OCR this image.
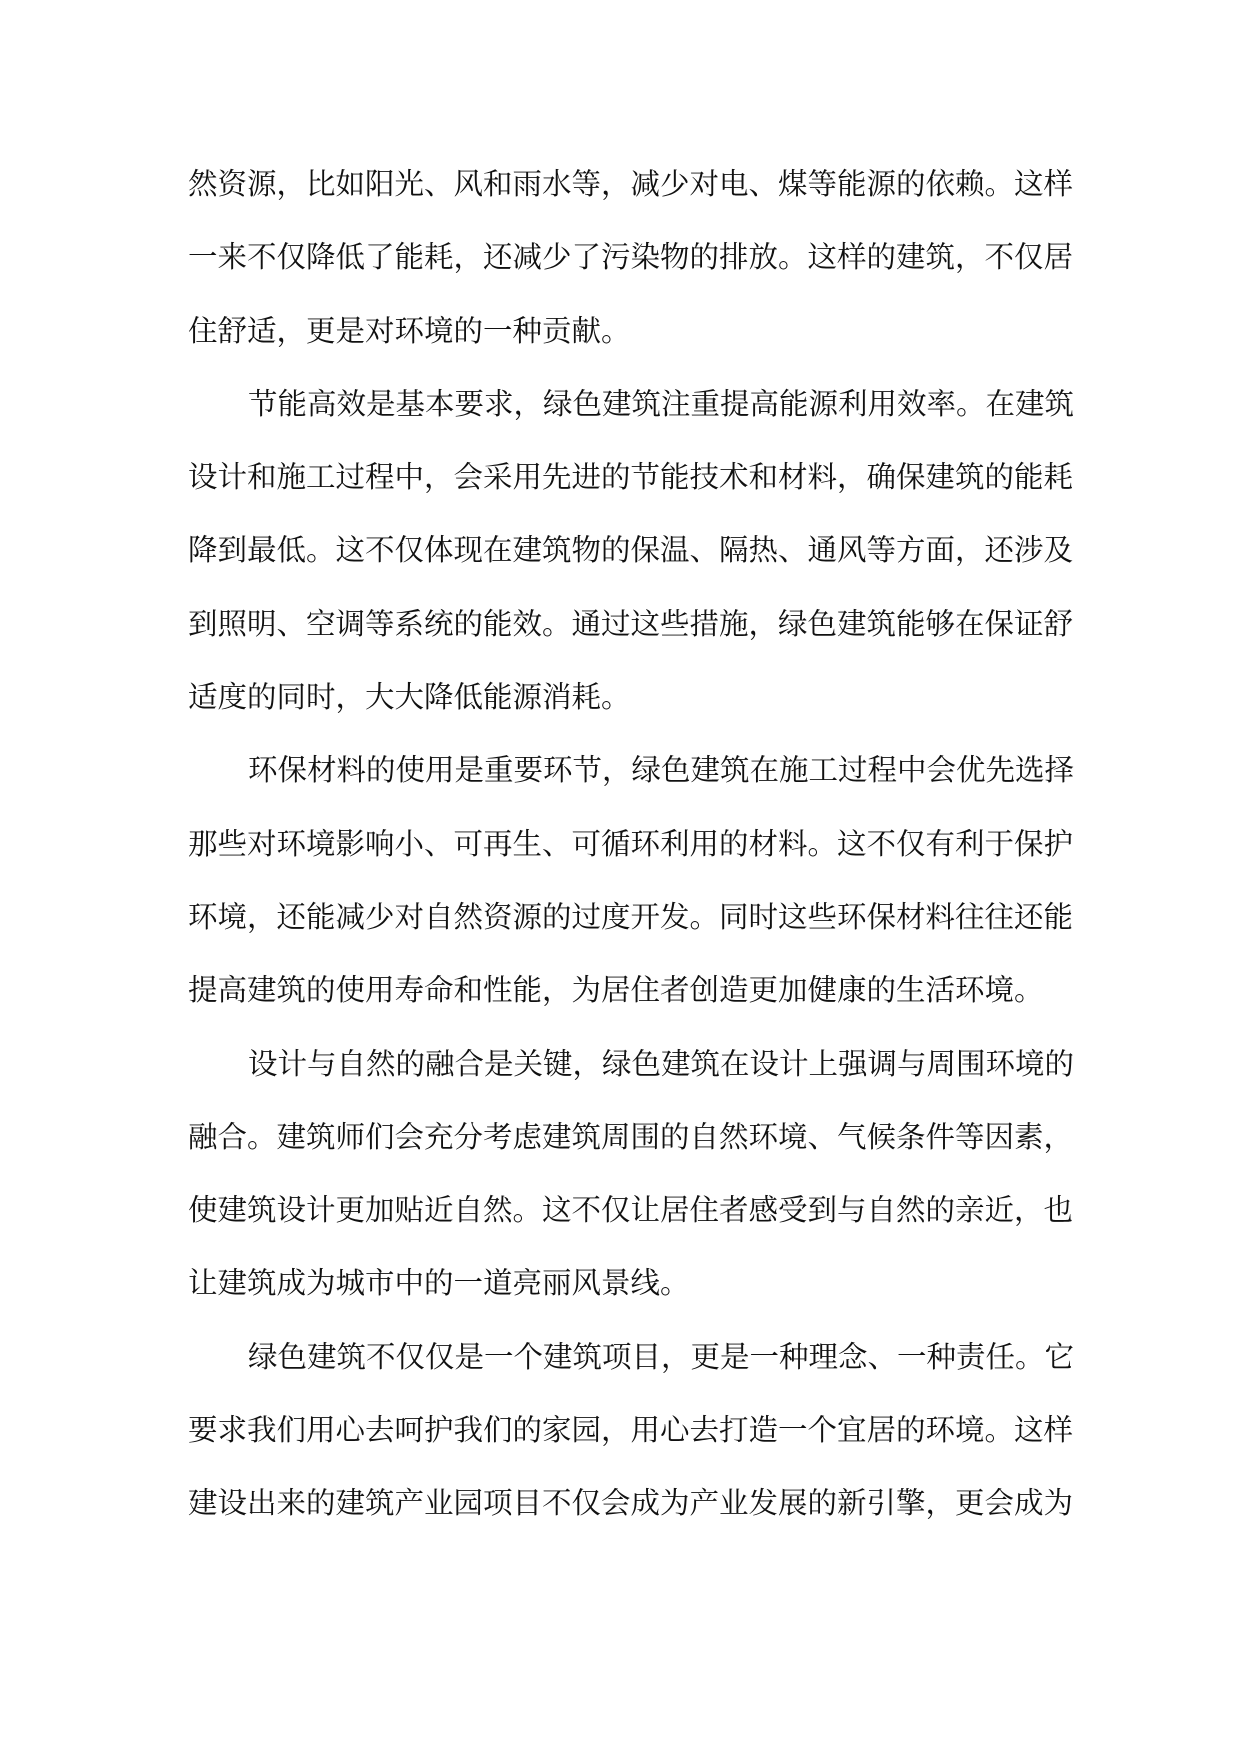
然资源，比如阳光、风和雨水等，减少对电、煤等能源的依赖。这样
一来不仅降低了能耗，还减少了污染物的排放。这样的建筑，不仅居
住舒适，更是对环境的一种贡献。
节能高效是基本要求，绿色建筑注重提高能源利用效率。在建筑
设计和施工过程中，会采用先进的节能技术和材料，确保建筑的能耗
降到最低。这不仅体现在建筑物的保温、隔热、通风等方面，还涉及
到照明、空调等系统的能效。通过这些措施，绿色建筑能够在保证舒
适度的同时，大大降低能源消耗。
环保材料的使用是重要环节，绿色建筑在施工过程中会优先选择
那些对环境影响小、可再生、可循环利用的材料。这不仅有利于保护
环境，还能减少对自然资源的过度开发。同时这些环保材料往往还能
提高建筑的使用寿命和性能，为居住者创造更加健康的生活环境。
设计与自然的融合是关键，绿色建筑在设计上强调与周围环境的
融合。建筑师们会充分考虑建筑周围的自然环境、气候条件等因素，
使建筑设计更加贴近自然。这不仅让居住者感受到与自然的亲近，也
让建筑成为城市中的一道亮丽风景线。
绿色建筑不仅仅是一个建筑项目，更是一种理念、一种责任。它
要求我们用心去呵护我们的家园，用心去打造一个宜居的环境。这样
建设出来的建筑产业园项目不仅会成为产业发展的新引擎，更会成为
